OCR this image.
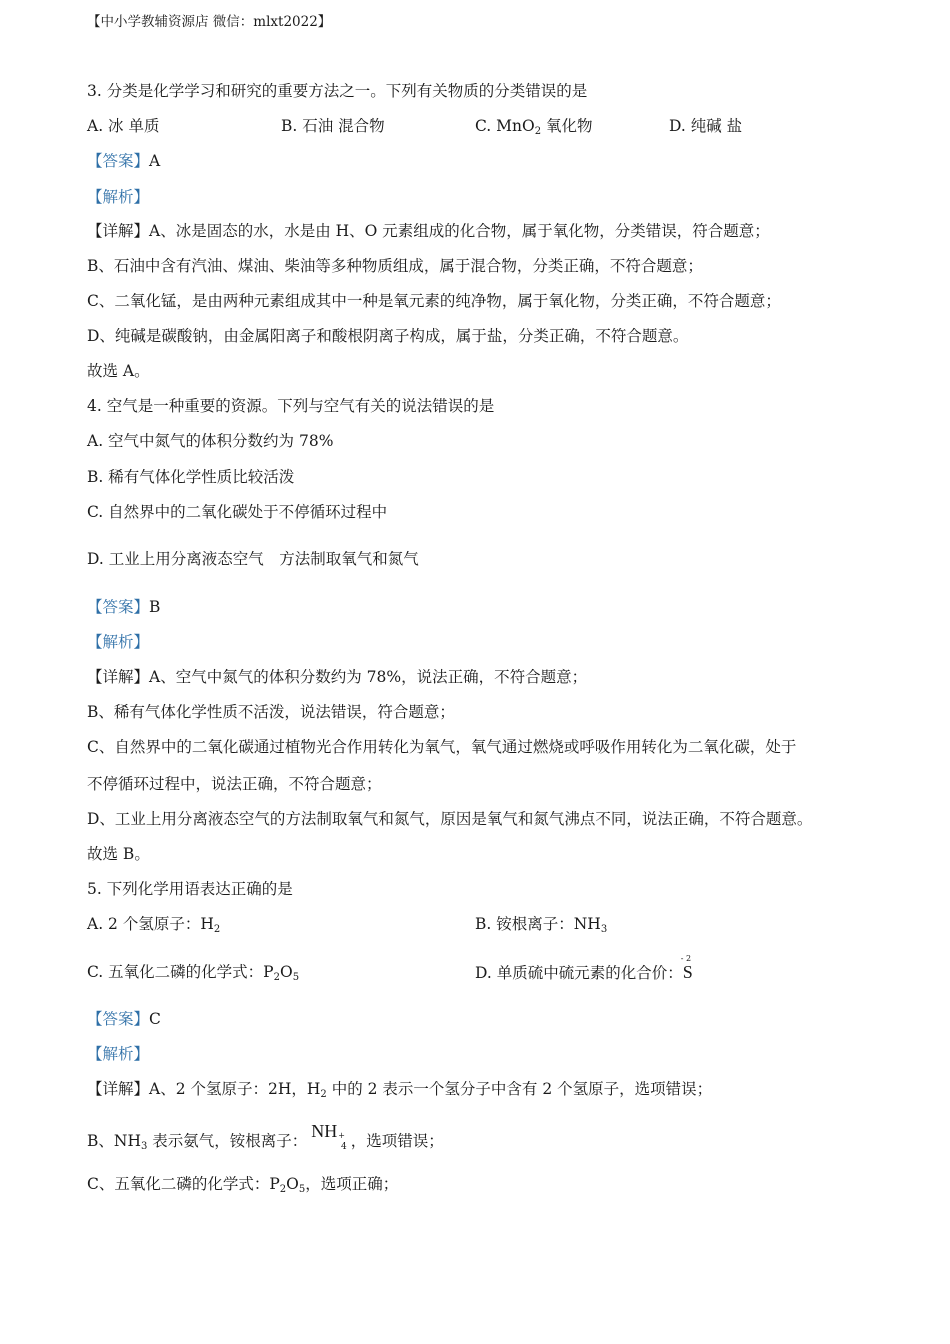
【中小学教辅资源店 微信：mlxt2022】
3. 分类是化学学习和研究的重要方法之一。下列有关物质的分类错误的是
A. 冰 单质	B. 石油 混合物	C. MnO$_2$ 氧化物	D. 纯碱 盐
【答案】A
【解析】
【详解】A、冰是固态的水，水是由 H、O 元素组成的化合物，属于氧化物，分类错误，符合题意；
B、石油中含有汽油、煤油、柴油等多种物质组成，属于混合物，分类正确，不符合题意；
C、二氧化锰，是由两种元素组成其中一种是氧元素的纯净物，属于氧化物，分类正确，不符合题意；
D、纯碱是碳酸钠，由金属阳离子和酸根阴离子构成，属于盐，分类正确，不符合题意。
故选 A。
4. 空气是一种重要的资源。下列与空气有关的说法错误的是
A. 空气中氮气的体积分数约为 78%
B. 稀有气体化学性质比较活泼
C. 自然界中的二氧化碳处于不停循环过程中
D. 工业上用分离液态空气　方法制取氧气和氮气
【答案】B
【解析】
【详解】A、空气中氮气的体积分数约为 78%，说法正确，不符合题意；
B、稀有气体化学性质不活泼，说法错误，符合题意；
C、自然界中的二氧化碳通过植物光合作用转化为氧气，氧气通过燃烧或呼吸作用转化为二氧化碳，处于
不停循环过程中，说法正确，不符合题意；
D、工业上用分离液态空气的方法制取氧气和氮气，原因是氧气和氮气沸点不同，说法正确，不符合题意。
故选 B。
5. 下列化学用语表达正确的是
A. 2 个氢原子：$H_2$	B. 铵根离子：$NH_3$
C. 五氧化二磷的化学式：$P_2O_5$	D. 单质硫中硫元素的化合价：
- 2
S
【答案】C
【解析】
【详解】A、2 个氢原子：2H，$H_2$ 中的 2 表示一个氢分子中含有 2 个氢原子，选项错误；
B、$NH_3$ 表示氨气，铵根离子： NH+4 ，选项错误；
C、五氧化二磷的化学式：$P_2O_5$，选项正确；
